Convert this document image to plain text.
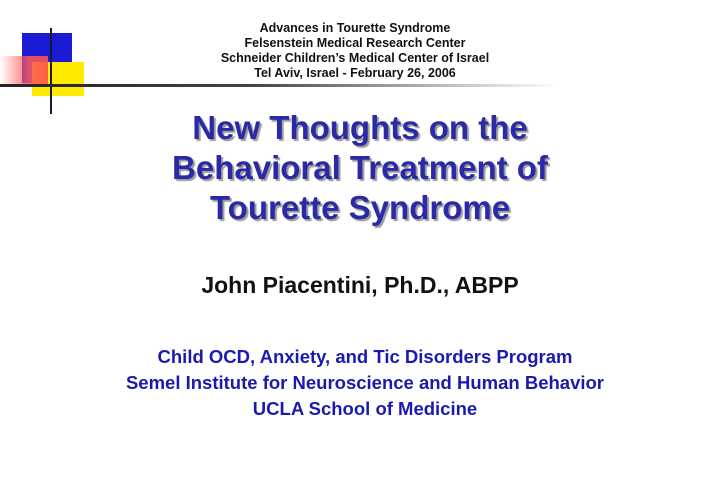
Advances in Tourette Syndrome
Felsenstein Medical Research Center
Schneider Children’s Medical Center of Israel
Tel Aviv, Israel - February 26, 2006
New Thoughts on the
Behavioral Treatment of
Tourette Syndrome
John Piacentini, Ph.D., ABPP
Child OCD, Anxiety, and Tic Disorders Program
Semel Institute for Neuroscience and Human Behavior
UCLA School of Medicine
